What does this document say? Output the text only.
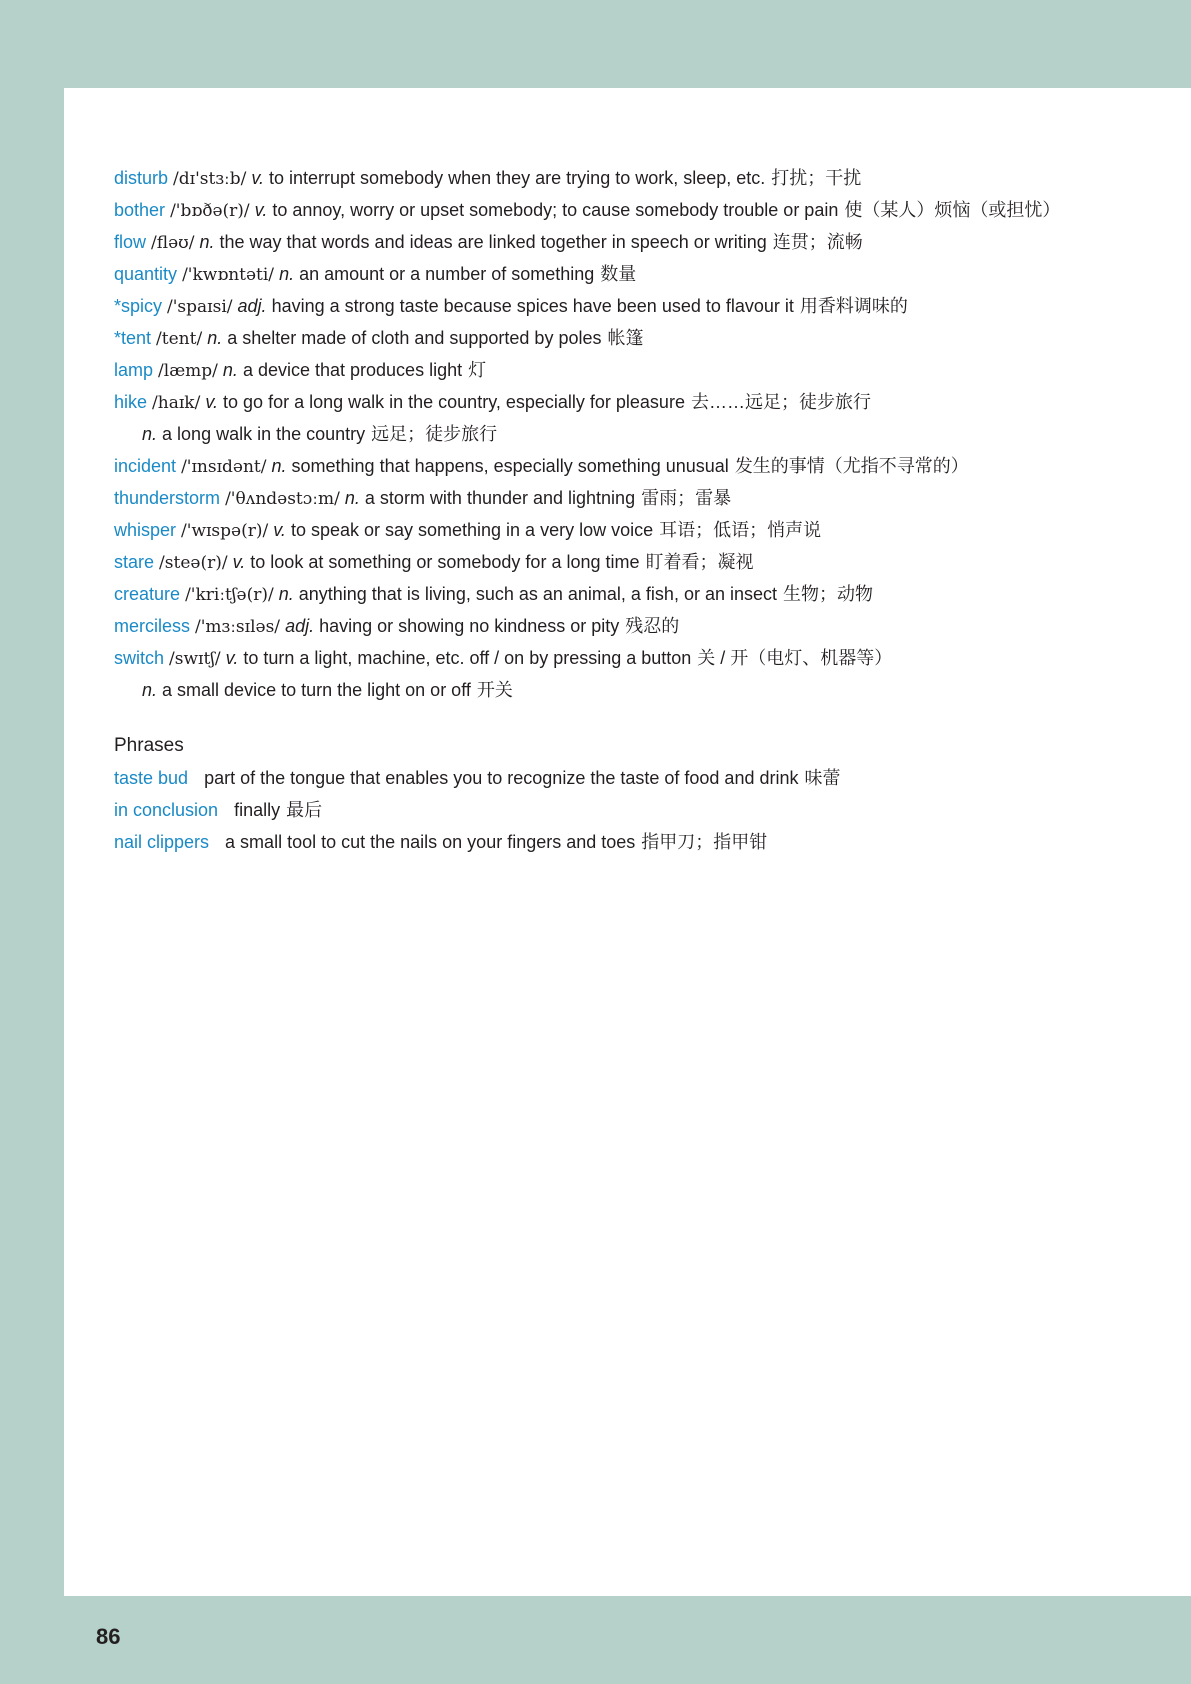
disturb /dɪ'stɜːb/ v. to interrupt somebody when they are trying to work, sleep, etc. 打扰；干扰
bother /'bɒðə(r)/ v. to annoy, worry or upset somebody; to cause somebody trouble or pain 使（某人）烦恼（或担忧）
flow /fləʊ/ n. the way that words and ideas are linked together in speech or writing 连贯；流畅
quantity /'kwɒntəti/ n. an amount or a number of something 数量
*spicy /'spaɪsi/ adj. having a strong taste because spices have been used to flavour it 用香料调味的
*tent /tent/ n. a shelter made of cloth and supported by poles 帐篷
lamp /læmp/ n. a device that produces light 灯
hike /haɪk/ v. to go for a long walk in the country, especially for pleasure 去……远足；徒步旅行
n. a long walk in the country 远足；徒步旅行
incident /'ɪnsɪdənt/ n. something that happens, especially something unusual 发生的事情（尤指不寻常的）
thunderstorm /'θʌndəstɔːm/ n. a storm with thunder and lightning 雷雨；雷暴
whisper /'wɪspə(r)/ v. to speak or say something in a very low voice 耳语；低语；悄声说
stare /steə(r)/ v. to look at something or somebody for a long time 盯着看；凝视
creature /'kriːtʃə(r)/ n. anything that is living, such as an animal, a fish, or an insect 生物；动物
merciless /'mɜːsɪləs/ adj. having or showing no kindness or pity 残忍的
switch /swɪtʃ/ v. to turn a light, machine, etc. off / on by pressing a button 关 / 开（电灯、机器等）
n. a small device to turn the light on or off 开关
Phrases
taste bud part of the tongue that enables you to recognize the taste of food and drink 味蕾
in conclusion finally 最后
nail clippers a small tool to cut the nails on your fingers and toes 指甲刀；指甲钳
86
